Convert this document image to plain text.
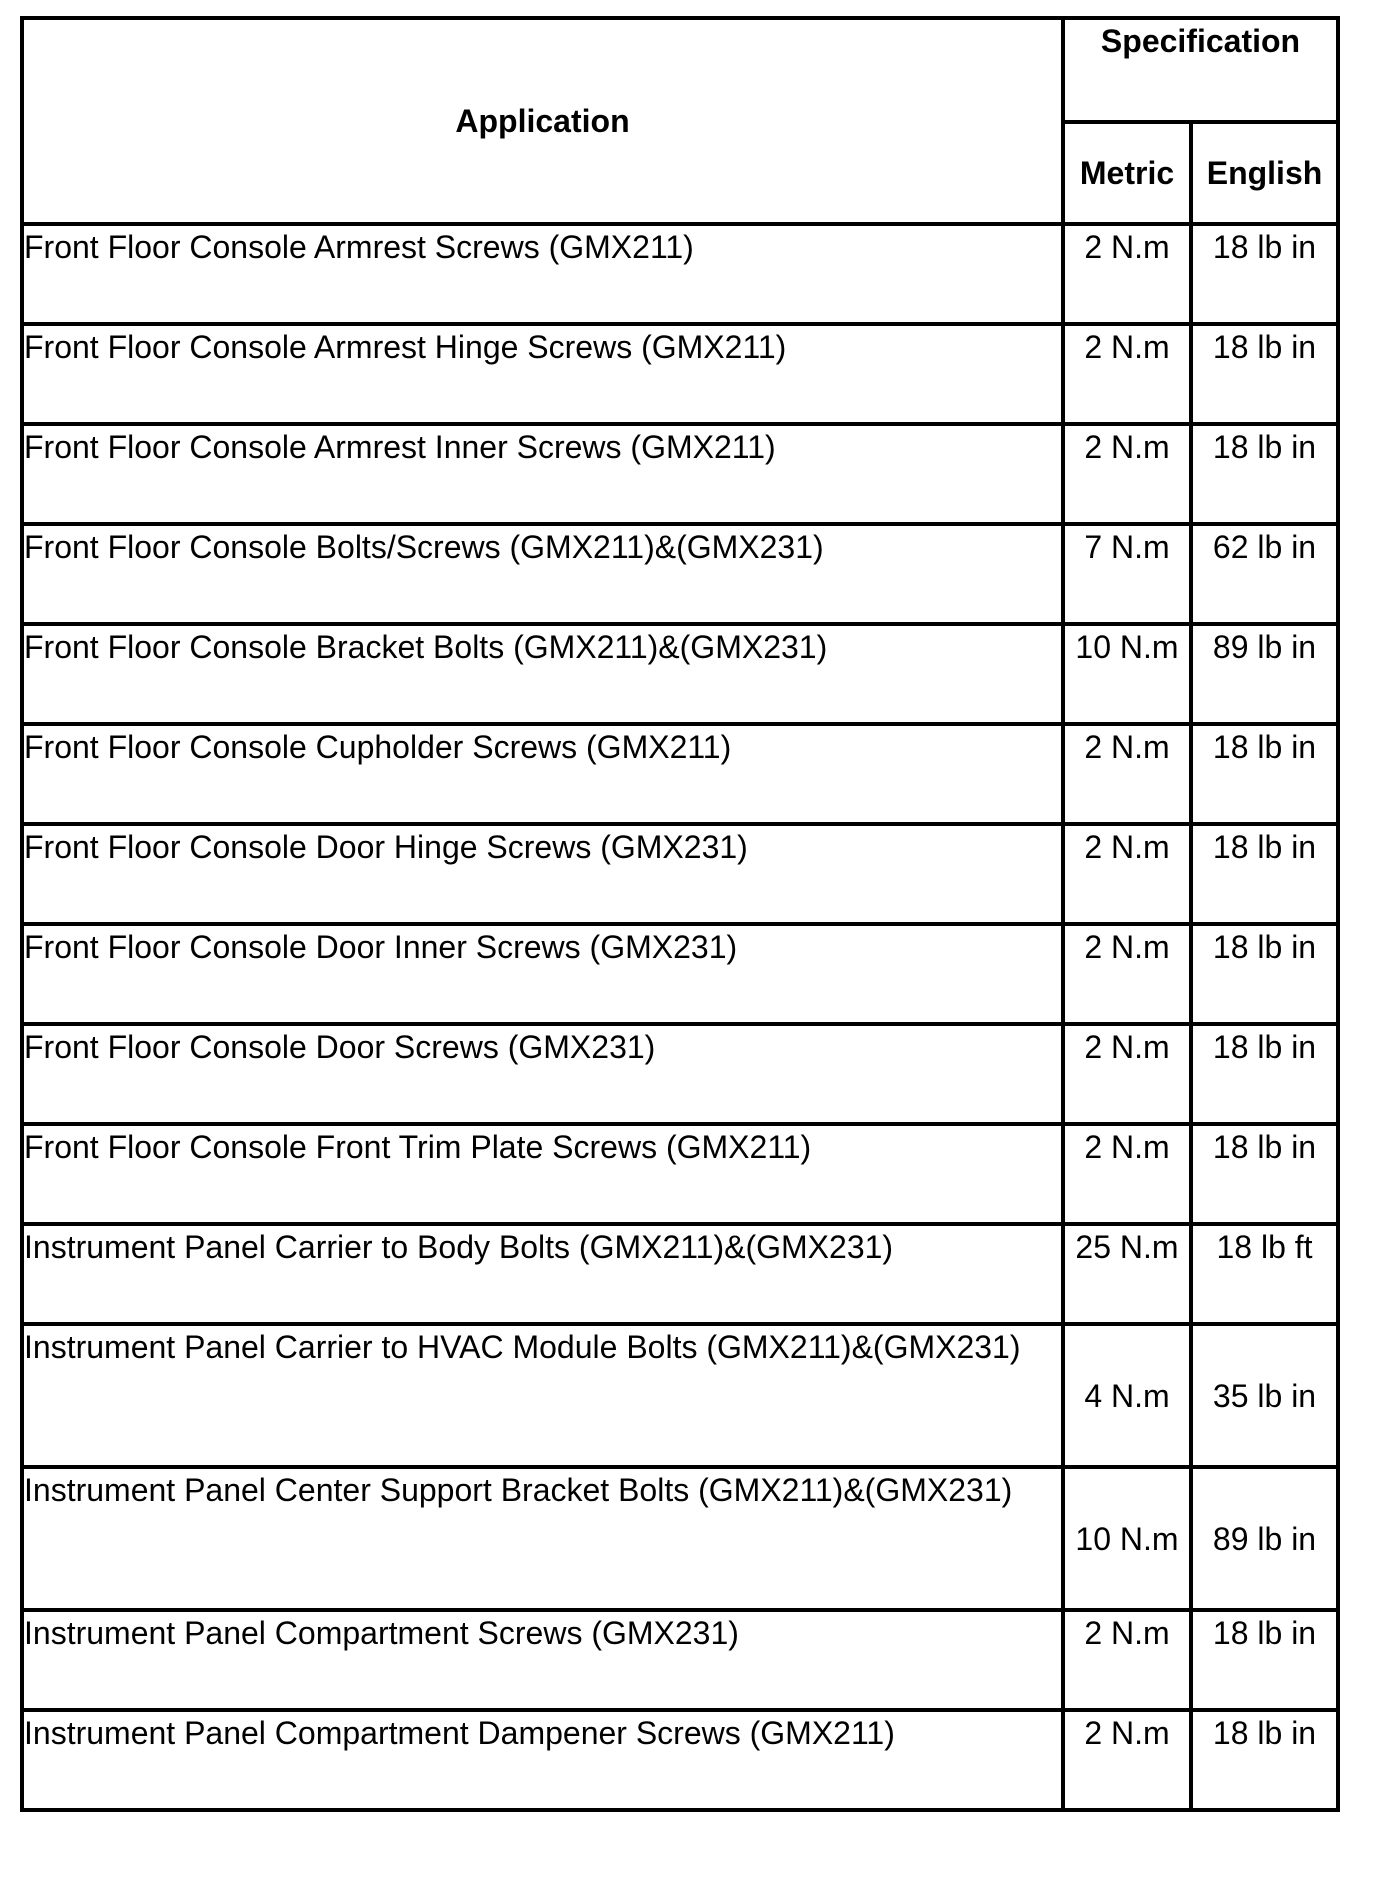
Application	Specification	
	Metric	English
Front Floor Console Armrest Screws (GMX211)	2 N.m	18 lb in
Front Floor Console Armrest Hinge Screws (GMX211)	2 N.m	18 lb in
Front Floor Console Armrest Inner Screws (GMX211)	2 N.m	18 lb in
Front Floor Console Bolts/Screws (GMX211)&(GMX231)	7 N.m	62 lb in
Front Floor Console Bracket Bolts (GMX211)&(GMX231)	10 N.m	89 lb in
Front Floor Console Cupholder Screws (GMX211)	2 N.m	18 lb in
Front Floor Console Door Hinge Screws (GMX231)	2 N.m	18 lb in
Front Floor Console Door Inner Screws (GMX231)	2 N.m	18 lb in
Front Floor Console Door Screws (GMX231)	2 N.m	18 lb in
Front Floor Console Front Trim Plate Screws (GMX211)	2 N.m	18 lb in
Instrument Panel Carrier to Body Bolts (GMX211)&(GMX231)	25 N.m	18 lb ft
Instrument Panel Carrier to HVAC Module Bolts (GMX211)&(GMX231)	4 N.m	35 lb in
Instrument Panel Center Support Bracket Bolts (GMX211)&(GMX231)	10 N.m	89 lb in
Instrument Panel Compartment Screws (GMX231)	2 N.m	18 lb in
Instrument Panel Compartment Dampener Screws (GMX211)	2 N.m	18 lb in
